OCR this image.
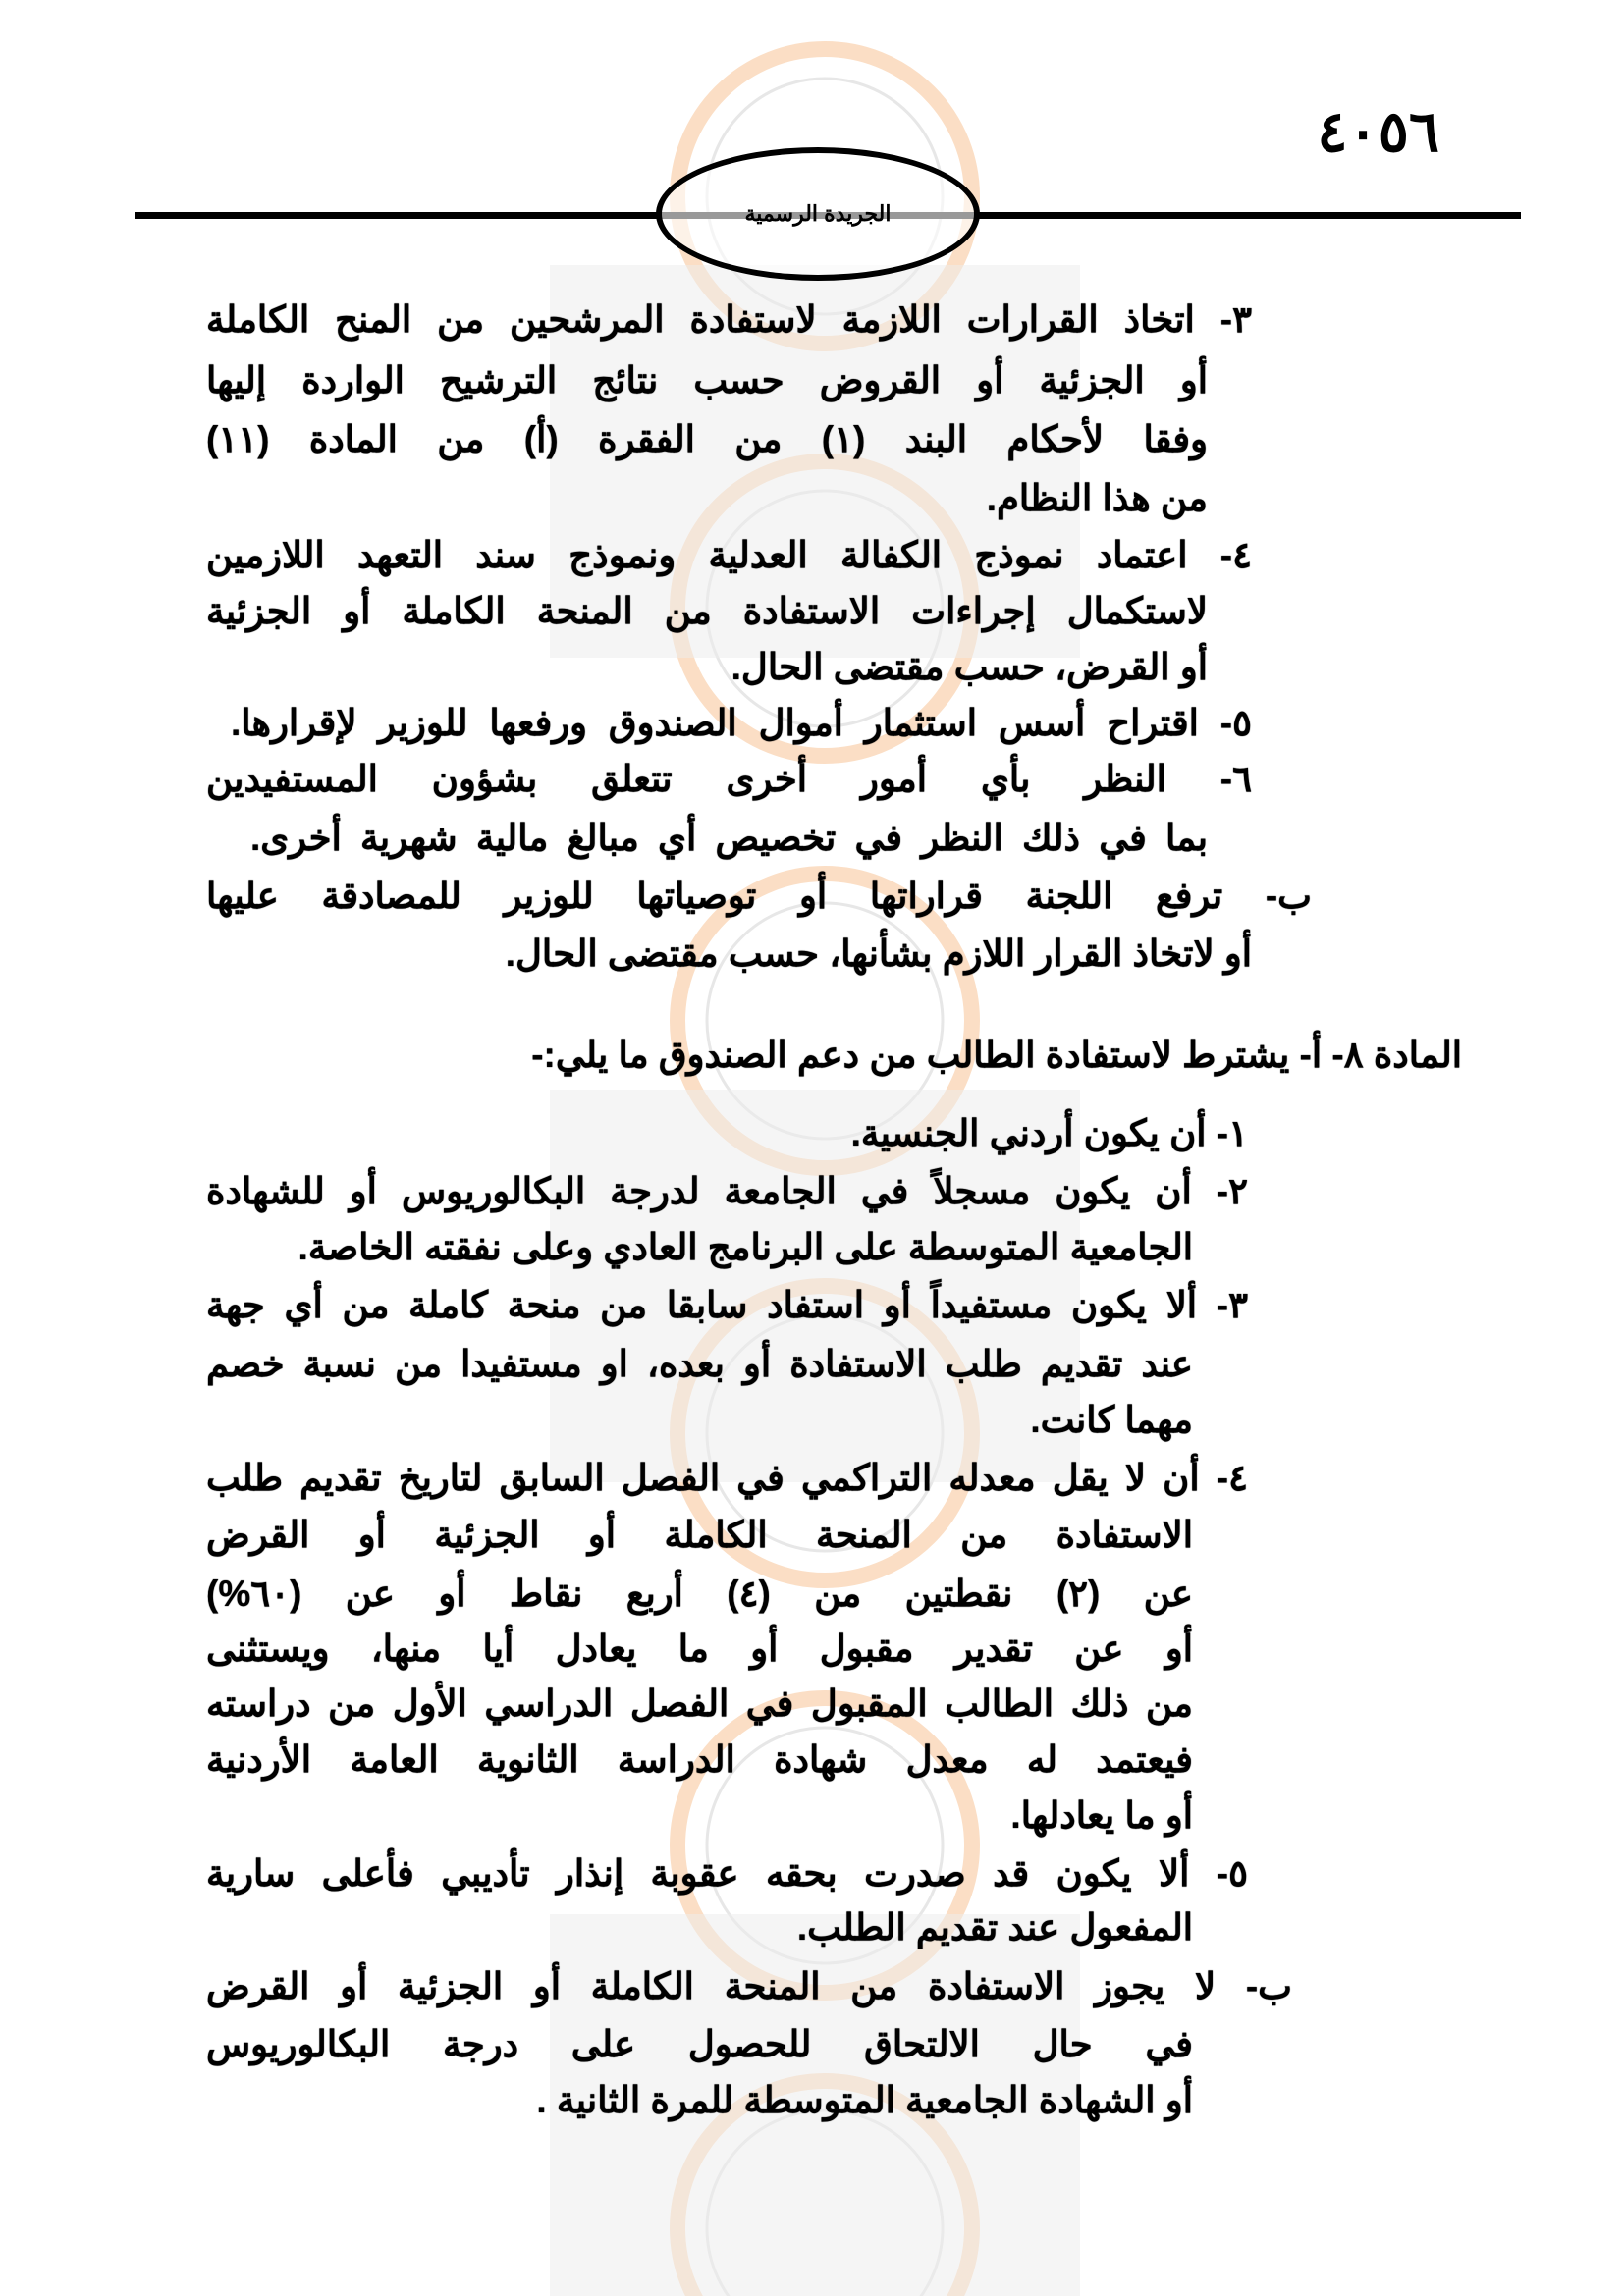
٤٠٥٦
الجريدة الرسمية
٣- اتخاذ القرارات اللازمة لاستفادة المرشحين من المنح الكاملة
أو الجزئية أو القروض حسب نتائج الترشيح الواردة إليها
وفقا لأحكام البند (١) من الفقرة (أ) من المادة (١١)
من هذا النظام.
٤- اعتماد نموذج الكفالة العدلية ونموذج سند التعهد اللازمين
لاستكمال إجراءات الاستفادة من المنحة الكاملة أو الجزئية
أو القرض، حسب مقتضى الحال.
٥- اقتراح أسس استثمار أموال الصندوق ورفعها للوزير لإقرارها.
٦- النظر بأي أمور أخرى تتعلق بشؤون المستفيدين
بما في ذلك النظر في تخصيص أي مبالغ مالية شهرية أخرى.
ب- ترفع اللجنة قراراتها أو توصياتها للوزير للمصادقة عليها
أو لاتخاذ القرار اللازم بشأنها، حسب مقتضى الحال.
المادة ٨- أ- يشترط لاستفادة الطالب من دعم الصندوق ما يلي:-
١- أن يكون أردني الجنسية.
٢- أن يكون مسجلاً في الجامعة لدرجة البكالوريوس أو للشهادة
الجامعية المتوسطة على البرنامج العادي وعلى نفقته الخاصة.
٣- ألا يكون مستفيداً أو استفاد سابقا من منحة كاملة من أي جهة
عند تقديم طلب الاستفادة أو بعده، او مستفيدا من نسبة خصم
مهما كانت.
٤- أن لا يقل معدله التراكمي في الفصل السابق لتاريخ تقديم طلب
الاستفادة من المنحة الكاملة أو الجزئية أو القرض
عن (٢) نقطتين من (٤) أربع نقاط أو عن (٦٠%)
أو عن تقدير مقبول أو ما يعادل أيا منها، ويستثنى
من ذلك الطالب المقبول في الفصل الدراسي الأول من دراسته
فيعتمد له معدل شهادة الدراسة الثانوية العامة الأردنية
أو ما يعادلها.
٥- ألا يكون قد صدرت بحقه عقوبة إنذار تأديبي فأعلى سارية
المفعول عند تقديم الطلب.
ب- لا يجوز الاستفادة من المنحة الكاملة أو الجزئية أو القرض
في حال الالتحاق للحصول على درجة البكالوريوس
أو الشهادة الجامعية المتوسطة للمرة الثانية .
